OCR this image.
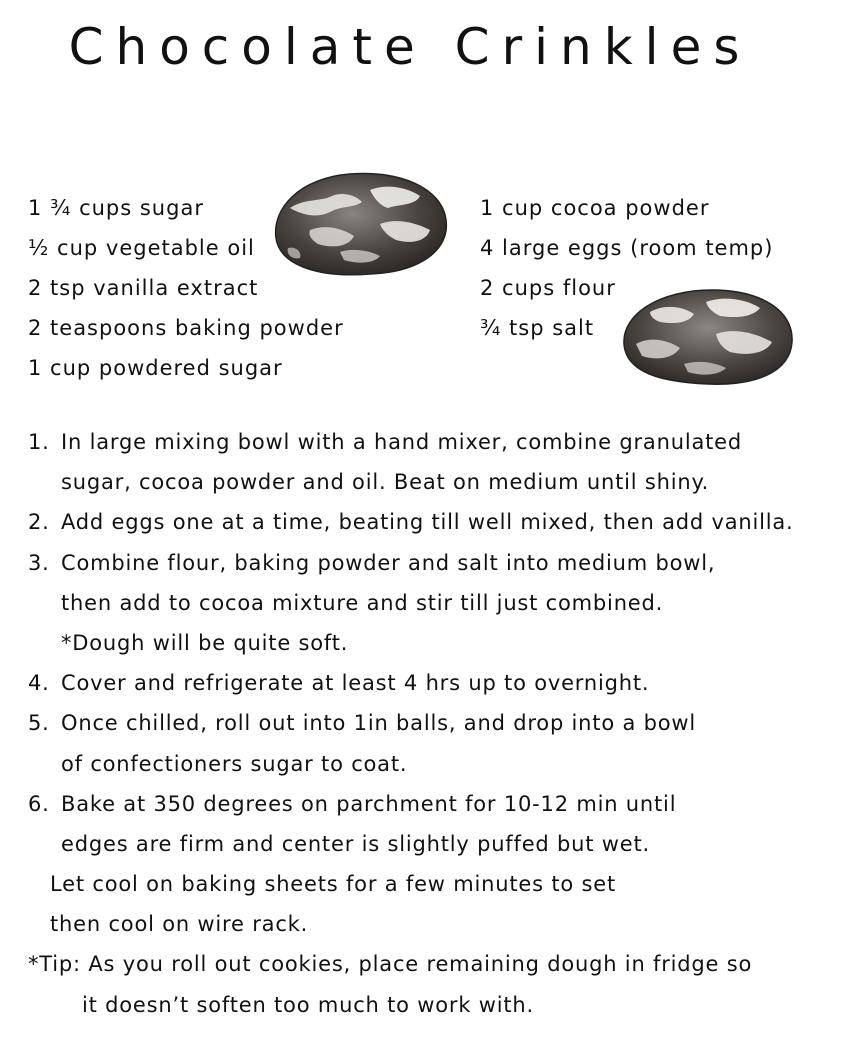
Chocolate Crinkles
1 ¾ cups sugar
½ cup vegetable oil
2 tsp vanilla extract
2 teaspoons baking powder
1 cup powdered sugar
1 cup cocoa powder
4 large eggs (room temp)
2 cups flour
¾ tsp salt
1. In large mixing bowl with a hand mixer, combine granulated
sugar, cocoa powder and oil. Beat on medium until shiny.
2. Add eggs one at a time, beating till well mixed, then add vanilla.
3. Combine flour, baking powder and salt into medium bowl,
then add to cocoa mixture and stir till just combined.
*Dough will be quite soft.
4. Cover and refrigerate at least 4 hrs up to overnight.
5. Once chilled, roll out into 1in balls, and drop into a bowl
of confectioners sugar to coat.
6. Bake at 350 degrees on parchment for 10-12 min until
edges are firm and center is slightly puffed but wet.
Let cool on baking sheets for a few minutes to set
then cool on wire rack.
*Tip: As you roll out cookies, place remaining dough in fridge so
it doesn’t soften too much to work with.
